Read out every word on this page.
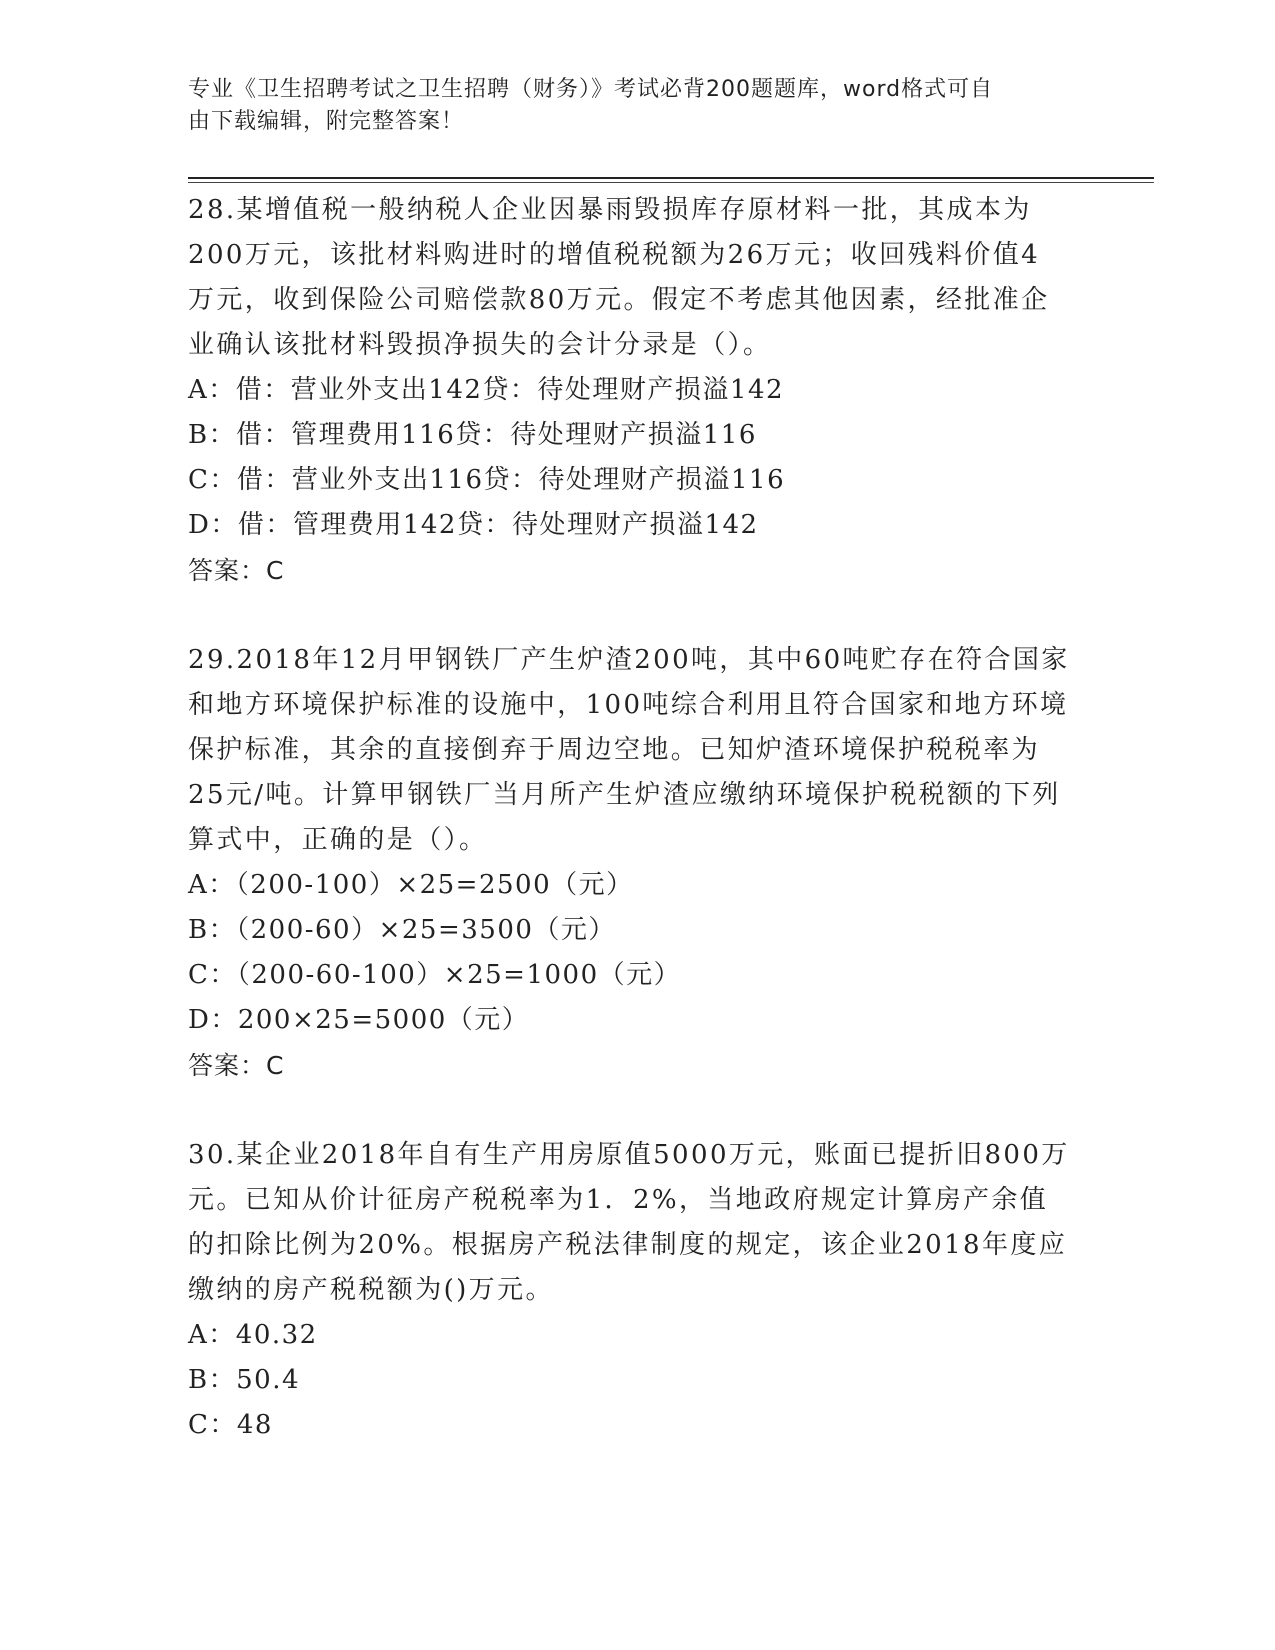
专业《卫生招聘考试之卫生招聘（财务）》考试必背200题题库，word格式可自
由下载编辑，附完整答案！

28.某增值税一般纳税人企业因暴雨毁损库存原材料一批，其成本为

200万元，该批材料购进时的增值税税额为26万元；收回残料价值4

万元，收到保险公司赔偿款80万元。假定不考虑其他因素，经批准企

业确认该批材料毁损净损失的会计分录是（）。

A：借：营业外支出142贷：待处理财产损溢142

B：借：管理费用116贷：待处理财产损溢116

C：借：营业外支出116贷：待处理财产损溢116

D：借：管理费用142贷：待处理财产损溢142

答案：C

29.2018年12月甲钢铁厂产生炉渣200吨，其中60吨贮存在符合国家

和地方环境保护标准的设施中，100吨综合利用且符合国家和地方环境

保护标准，其余的直接倒弃于周边空地。已知炉渣环境保护税税率为

25元/吨。计算甲钢铁厂当月所产生炉渣应缴纳环境保护税税额的下列

算式中，正确的是（）。

A：（200-100）×25=2500（元）

B：（200-60）×25=3500（元）

C：（200-60-100）×25=1000（元）

D：200×25=5000（元）

答案：C

30.某企业2018年自有生产用房原值5000万元，账面已提折旧800万

元。已知从价计征房产税税率为1．2%，当地政府规定计算房产余值

的扣除比例为20%。根据房产税法律制度的规定，该企业2018年度应

缴纳的房产税税额为()万元。

A：40.32

B：50.4

C：48
